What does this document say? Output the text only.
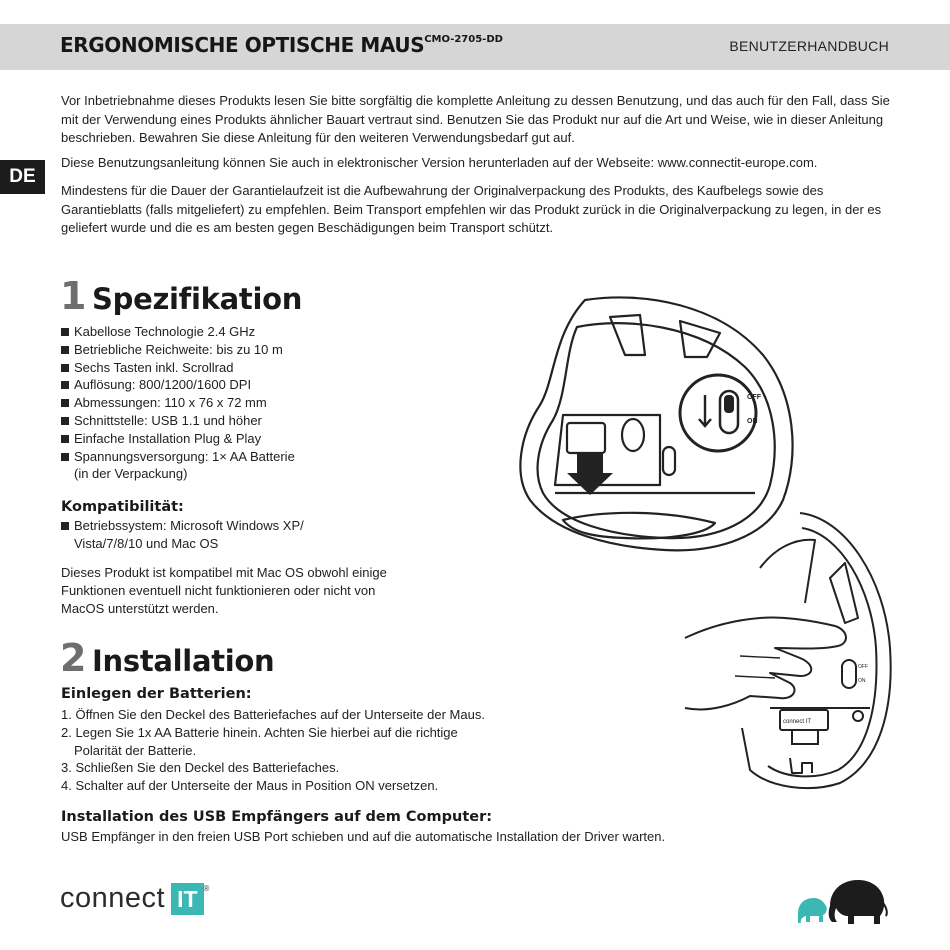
ERGONOMISCHE OPTISCHE $MAUS^{CMO-2705-DD}$	BENUTZERHANDBUCH
DE

Vor Inbetriebnahme dieses Produkts lesen Sie bitte sorgfältig die komplette Anleitung zu dessen Benutzung, und das auch für den Fall, dass Sie mit der Verwendung eines Produkts ähnlicher Bauart vertraut sind. Benutzen Sie das Produkt nur auf die Art und Weise, wie in dieser Anleitung beschrieben. Bewahren Sie diese Anleitung für den weiteren Verwendungsbedarf gut auf.

Diese Benutzungsanleitung können Sie auch in elektronischer Version herunterladen auf der Webseite: www.connectit-europe.com.

Mindestens für die Dauer der Garantielaufzeit ist die Aufbewahrung der Originalverpackung des Produkts, des Kaufbelegs sowie des Garantieblatts (falls mitgeliefert) zu empfehlen. Beim Transport empfehlen wir das Produkt zurück in die Originalverpackung zu legen, in der es geliefert wurde und die es am besten gegen Beschädigungen beim Transport schützt.

1 Spezifikation
Kabellose Technologie 2.4 GHz
Betriebliche Reichweite: bis zu 10 m
Sechs Tasten inkl. Scrollrad
Auflösung: 800/1200/1600 DPI
Abmessungen: 110 x 76 x 72 mm
Schnittstelle: USB 1.1 und höher
Einfache Installation Plug & Play
Spannungsversorgung: 1× AA Batterie
(in der Verpackung)
Kompatibilität:
Betriebssystem: Microsoft Windows XP/
Vista/7/8/10 und Mac OS

Dieses Produkt ist kompatibel mit Mac OS obwohl einige
Funktionen eventuell nicht funktionieren oder nicht von
MacOS unterstützt werden.

2 Installation
Einlegen der Batterien:
1. Öffnen Sie den Deckel des Batteriefaches auf der Unterseite der Maus.
2. Legen Sie 1x AA Batterie hinein. Achten Sie hierbei auf die richtige
Polarität der Batterie.
3. Schließen Sie den Deckel des Batteriefaches.
4. Schalter auf der Unterseite der Maus in Position ON versetzen.
Installation des USB Empfängers auf dem Computer:

USB Empfänger in den freien USB Port schieben und auf die automatische Installation der Driver warten.

OFF
ON
connect IT
OFF
ON
connect IT ®
